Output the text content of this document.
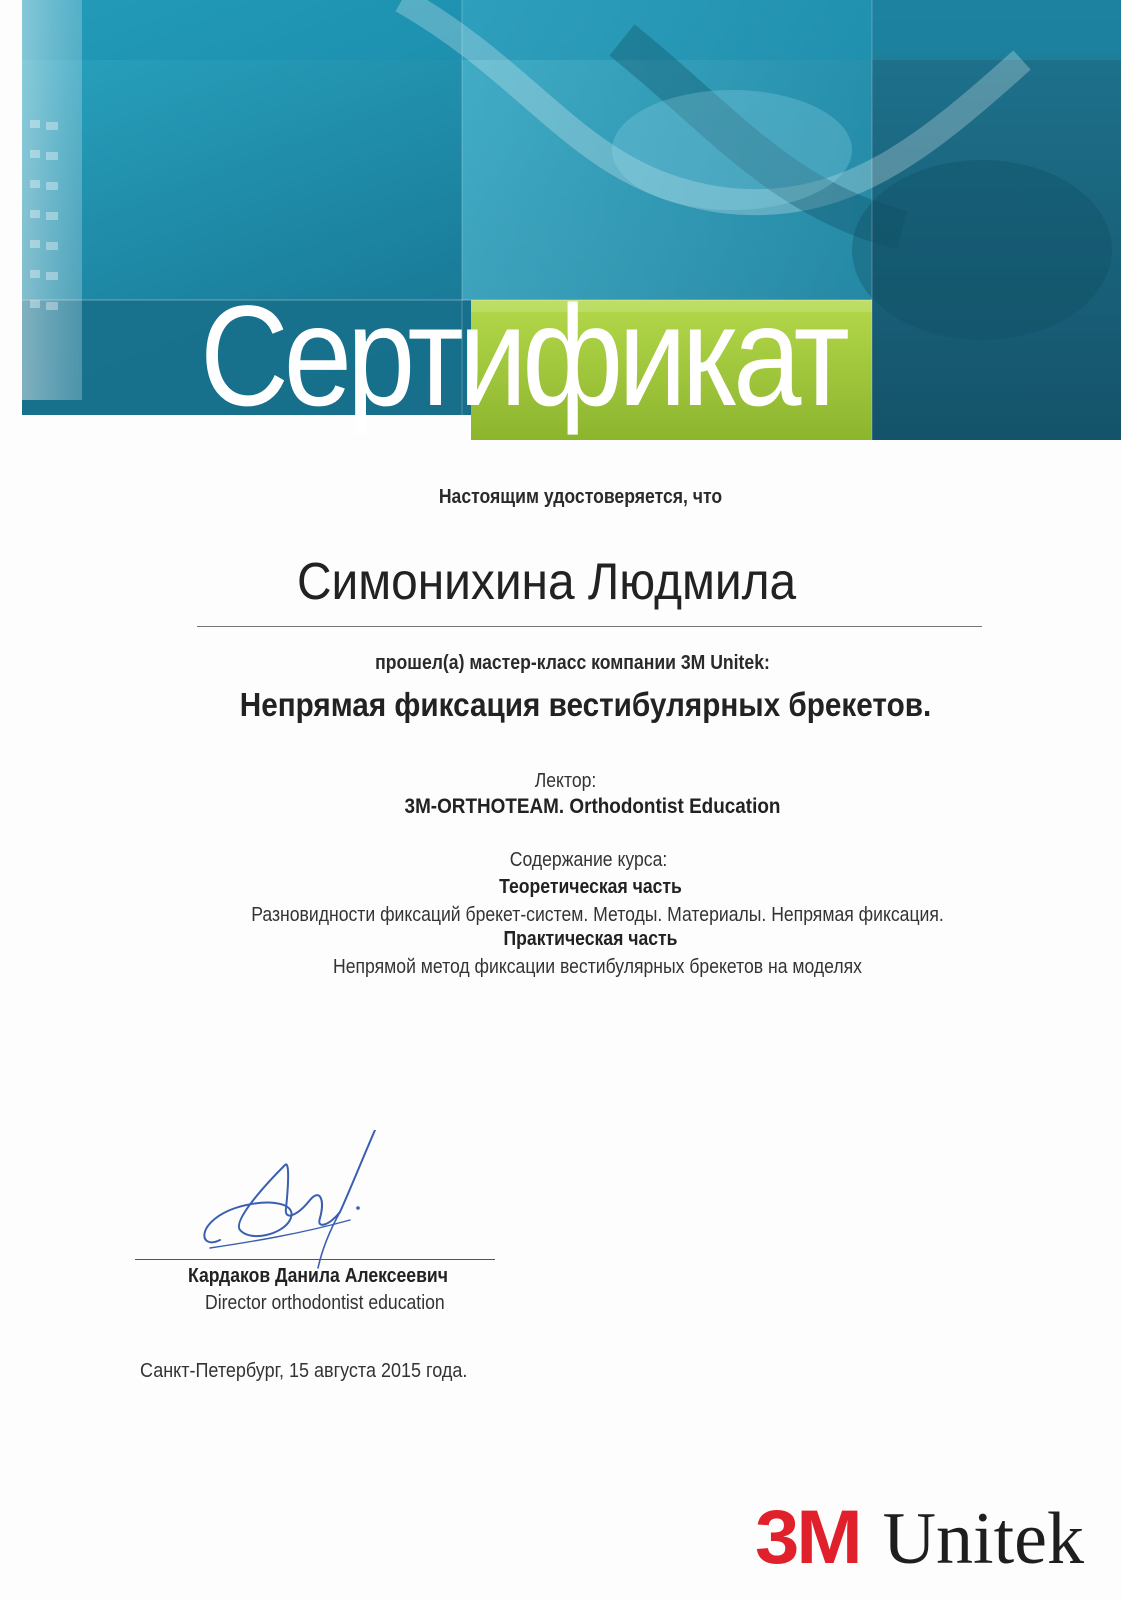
Сертификат
Настоящим удостоверяется, что
Симонихина Людмила
прошел(а) мастер-класс компании 3M Unitek:
Непрямая фиксация вестибулярных брекетов.
Лектор:
3M-ORTHOTEAM. Orthodontist Education
Содержание курса:
Теоретическая часть
Разновидности фиксаций брекет-систем. Методы. Материалы. Непрямая фиксация.
Практическая часть
Непрямой метод фиксации вестибулярных брекетов на моделях
Кардаков Данила Алексеевич
Director orthodontist education
Санкт-Петербург, 15 августа 2015 года.
3M Unitek
